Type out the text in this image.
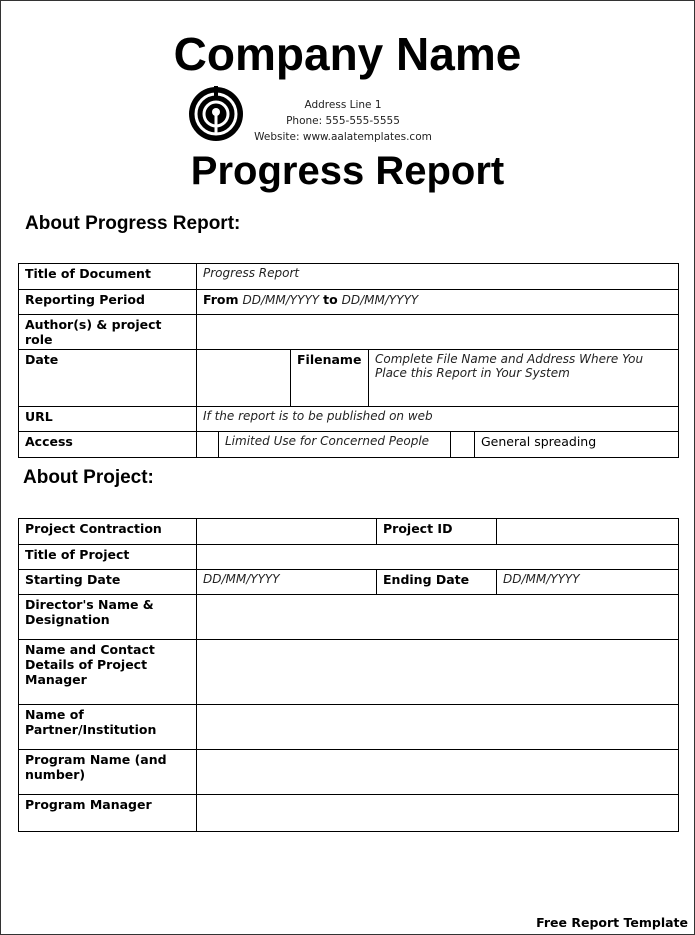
Company Name
Address Line 1
Phone: 555-555-5555
Website: www.aalatemplates.com
Progress Report
About Progress Report:
Title of Document	Progress Report					
Reporting Period	From DD/MM/YYYY to DD/MM/YYYY					
Author(s) & project role						
Date			Filename	Complete File Name and Address Where You Place this Report in Your System		
URL	If the report is to be published on web					
Access		Limited Use for Concerned People				General spreading
About Project:
Project Contraction		Project ID	
Title of Project			
Starting Date	DD/MM/YYYY	Ending Date	DD/MM/YYYY
Director's Name & Designation			
Name and Contact Details of Project Manager			
Name of Partner/Institution			
Program Name (and number)			
Program Manager			
Free Report Template
